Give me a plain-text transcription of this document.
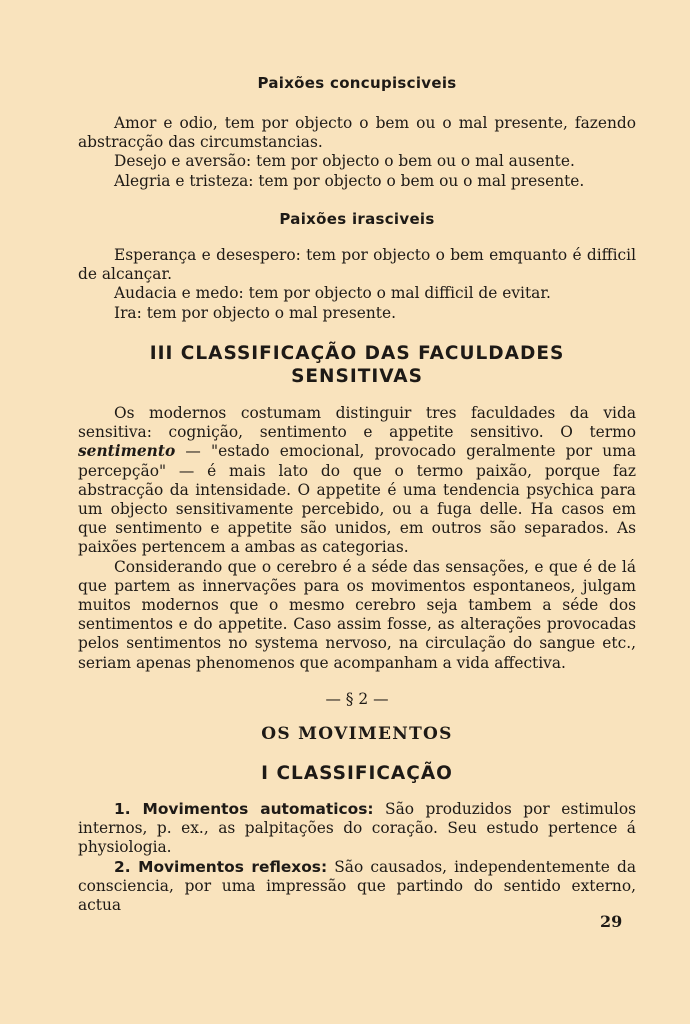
Paixões concupisciveis

Amor e odio, tem por objecto o bem ou o mal presente, fazendo abstracção das circumstancias.

Desejo e aversão: tem por objecto o bem ou o mal ausente.

Alegria e tristeza: tem por objecto o bem ou o mal presente.

Paixões irasciveis

Esperança e desespero: tem por objecto o bem emquanto é difficil de alcançar.

Audacia e medo: tem por objecto o mal difficil de evitar.

Ira: tem por objecto o mal presente.

III CLASSIFICAÇÃO DAS FACULDADES
SENSITIVAS

Os modernos costumam distinguir tres faculdades da vida sensitiva: cognição, sentimento e appetite sensitivo. O termo sentimento — "estado emocional, provocado geralmente por uma percepção" — é mais lato do que o termo paixão, porque faz abstracção da intensidade. O appetite é uma tendencia psychica para um objecto sensitivamente percebido, ou a fuga delle. Ha casos em que sentimento e appetite são unidos, em outros são separados. As paixões pertencem a ambas as categorias.

Considerando que o cerebro é a séde das sensações, e que é de lá que partem as innervações para os movimentos espontaneos, julgam muitos modernos que o mesmo cerebro seja tambem a séde dos sentimentos e do appetite. Caso assim fosse, as alterações provocadas pelos sentimentos no systema nervoso, na circulação do sangue etc., seriam apenas phenomenos que acompanham a vida affectiva.

— § 2 —

OS MOVIMENTOS

I CLASSIFICAÇÃO

1. Movimentos automaticos: São produzidos por estimulos internos, p. ex., as palpitações do coração. Seu estudo pertence á physiologia.

2. Movimentos reflexos: São causados, independentemente da consciencia, por uma impressão que partindo do sentido externo, actua

29
